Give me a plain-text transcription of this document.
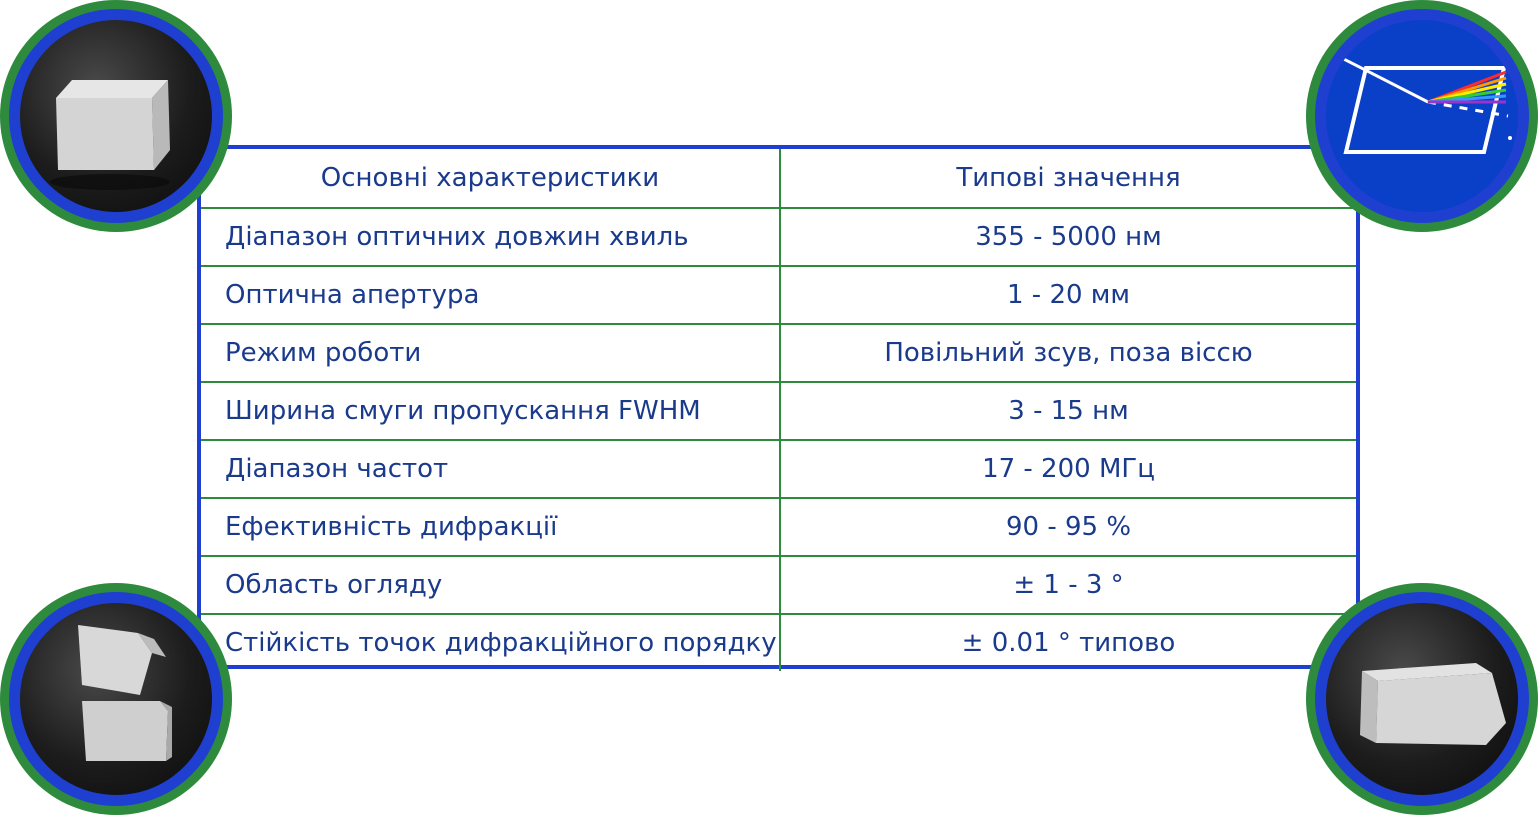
Основні характеристики	Типові значення
Діапазон оптичних довжин хвиль	355 - 5000 нм
Оптична апертура	1 - 20 мм
Режим роботи	Повільний зсув, поза віссю
Ширина смуги пропускання FWHM	3 - 15 нм
Діапазон частот	17 - 200 МГц
Ефективність дифракції	90 - 95 %
Область огляду	± 1 - 3 °
Стійкість точок дифракційного порядку	± 0.01 ° типово
